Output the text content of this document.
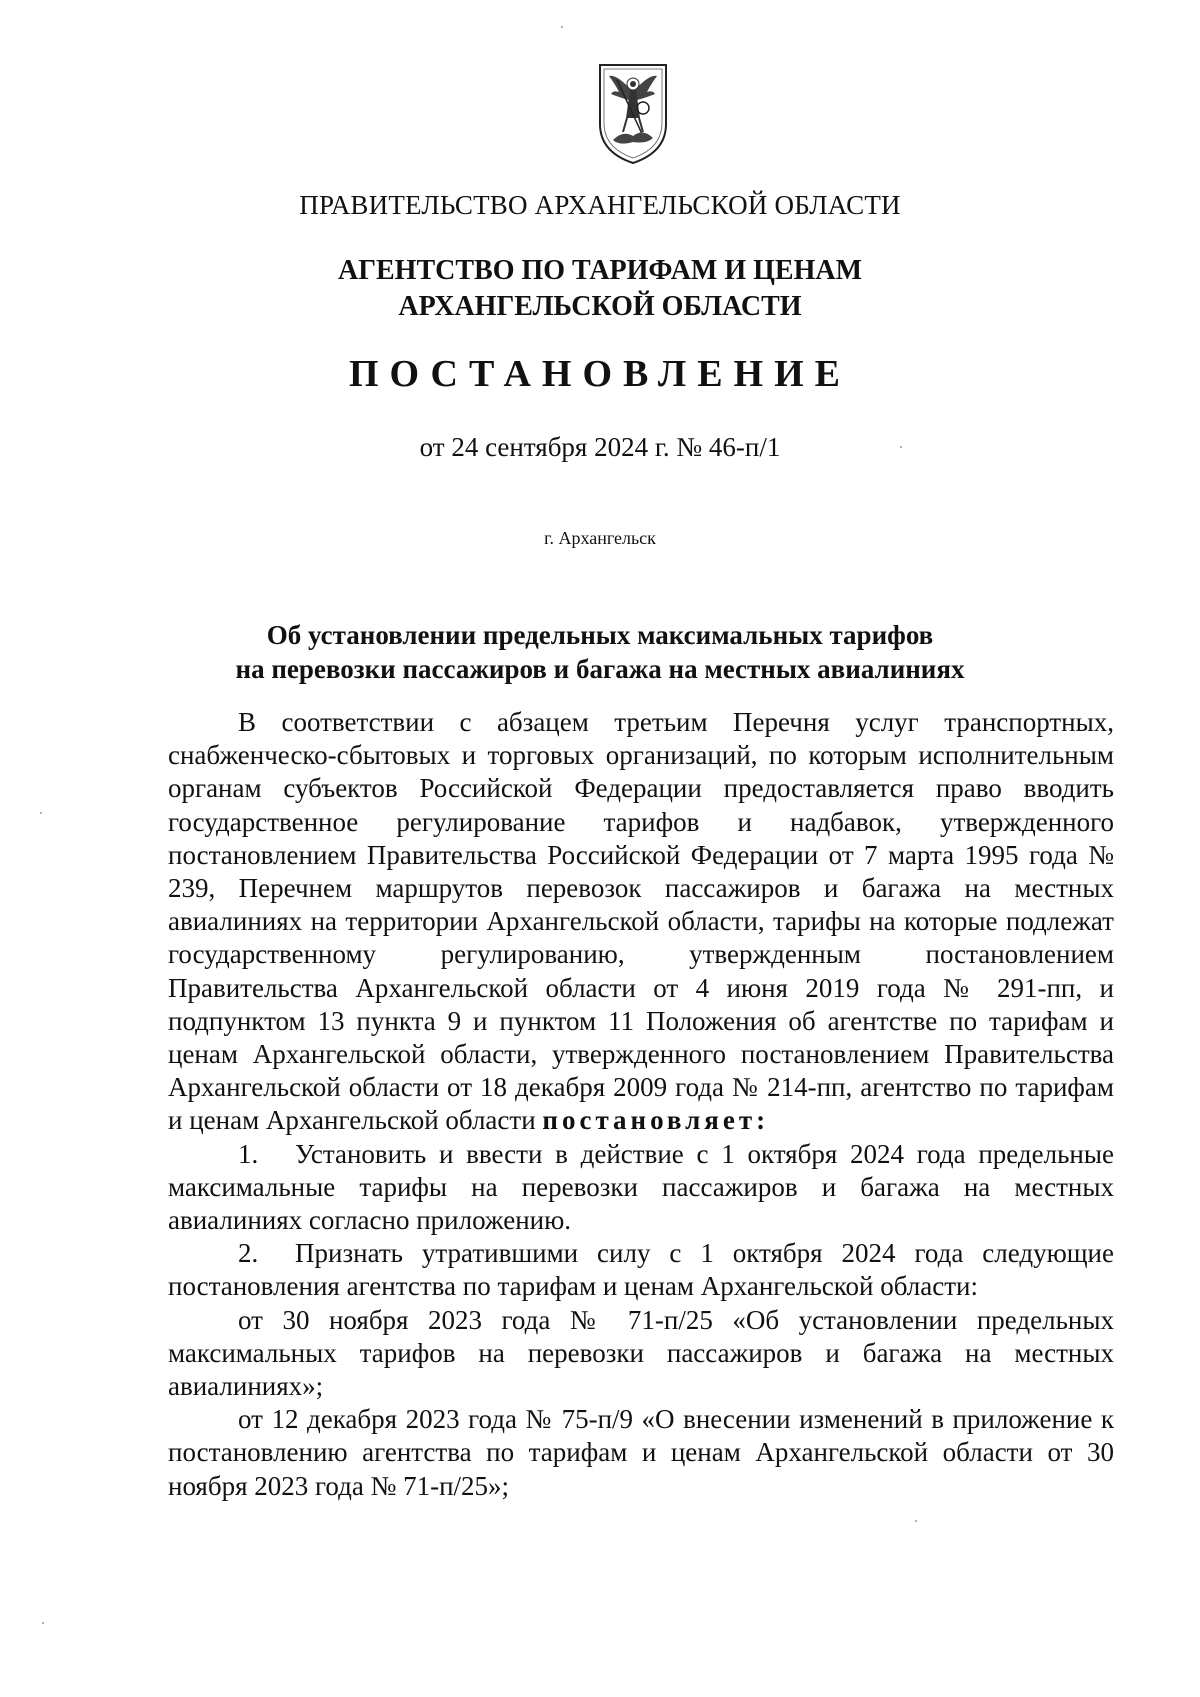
ПРАВИТЕЛЬСТВО АРХАНГЕЛЬСКОЙ ОБЛАСТИ
АГЕНТСТВО ПО ТАРИФАМ И ЦЕНАМ
АРХАНГЕЛЬСКОЙ ОБЛАСТИ
ПОСТАНОВЛЕНИЕ
от 24 сентября 2024 г. № 46-п/1
г. Архангельск
Об установлении предельных максимальных тарифов
на перевозки пассажиров и багажа на местных авиалиниях

В соответствии с абзацем третьим Перечня услуг транспортных, снабженческо-сбытовых и торговых организаций, по которым исполнительным органам субъектов Российской Федерации предоставляется право вводить государственное регулирование тарифов и надбавок, утвержденного постановлением Правительства Российской Федерации от 7 марта 1995 года № 239, Перечнем маршрутов перевозок пассажиров и багажа на местных авиалиниях на территории Архангельской области, тарифы на которые подлежат государственному регулированию, утвержденным постановлением Правительства Архангельской области от 4 июня 2019 года № 291-пп, и подпунктом 13 пункта 9 и пунктом 11 Положения об агентстве по тарифам и ценам Архангельской области, утвержденного постановлением Правительства Архангельской области от 18 декабря 2009 года № 214-пп, агентство по тарифам и ценам Архангельской области постановляет:

1. Установить и ввести в действие с 1 октября 2024 года предельные максимальные тарифы на перевозки пассажиров и багажа на местных авиалиниях согласно приложению.

2. Признать утратившими силу с 1 октября 2024 года следующие постановления агентства по тарифам и ценам Архангельской области:

от 30 ноября 2023 года № 71-п/25 «Об установлении предельных максимальных тарифов на перевозки пассажиров и багажа на местных авиалиниях»;

от 12 декабря 2023 года № 75-п/9 «О внесении изменений в приложение к постановлению агентства по тарифам и ценам Архангельской области от 30 ноября 2023 года № 71-п/25»;
